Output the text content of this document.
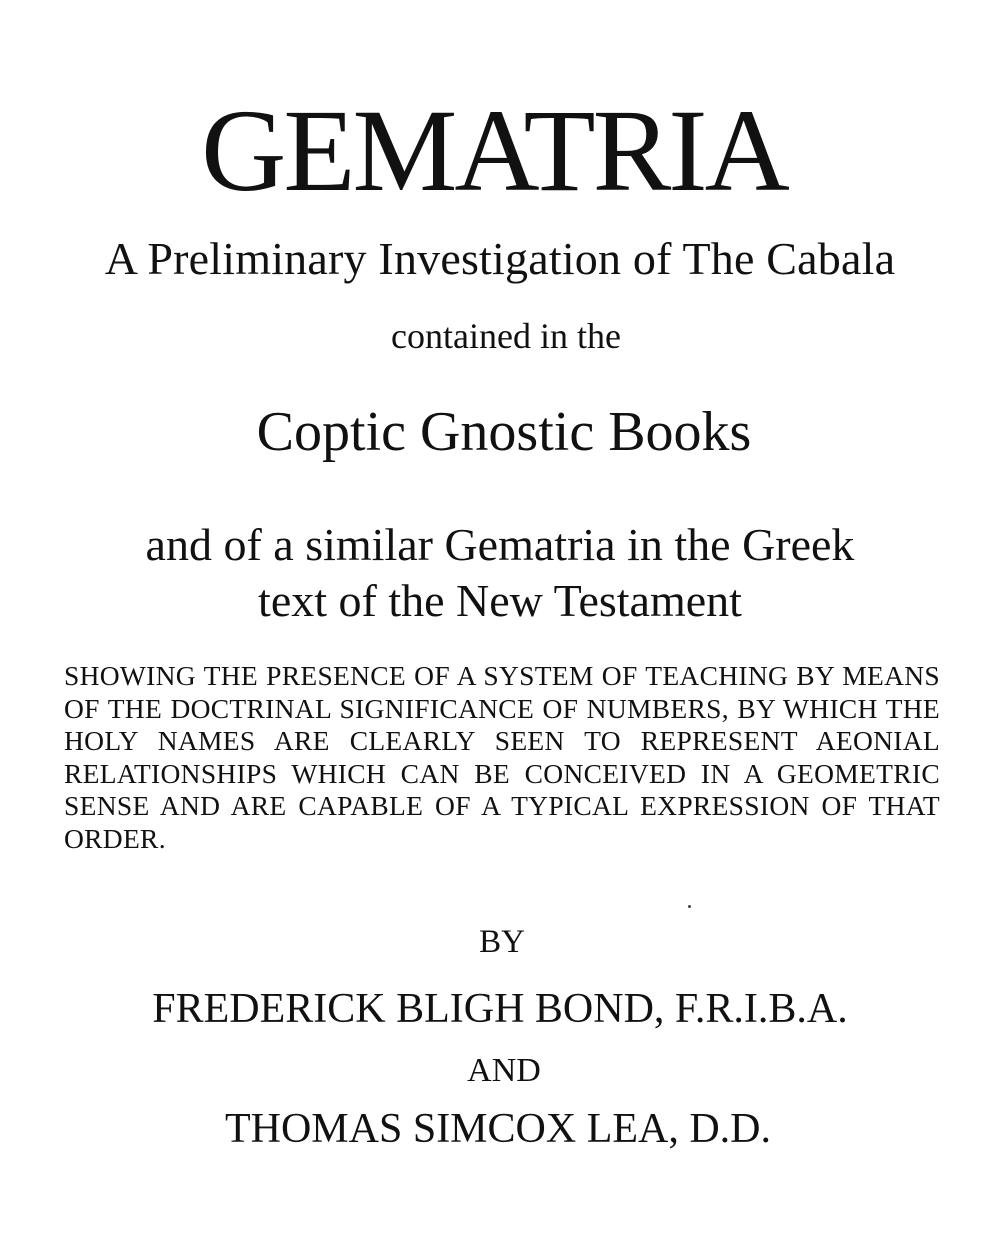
GEMATRIA
A Preliminary Investigation of The Cabala
contained in the
Coptic Gnostic Books
and of a similar Gematria in the Greek
text of the New Testament
SHOWING THE PRESENCE OF A SYSTEM OF TEACHING BY MEANS OF THE DOCTRINAL SIGNIFICANCE OF NUMBERS, BY WHICH THE HOLY NAMES ARE CLEARLY SEEN TO REPRESENT AEONIAL RELATIONSHIPS WHICH CAN BE CONCEIVED IN A GEOMETRIC SENSE AND ARE CAPABLE OF A TYPICAL EXPRESSION OF THAT ORDER.
BY
FREDERICK BLIGH BOND, F.R.I.B.A.
AND
THOMAS SIMCOX LEA, D.D.
